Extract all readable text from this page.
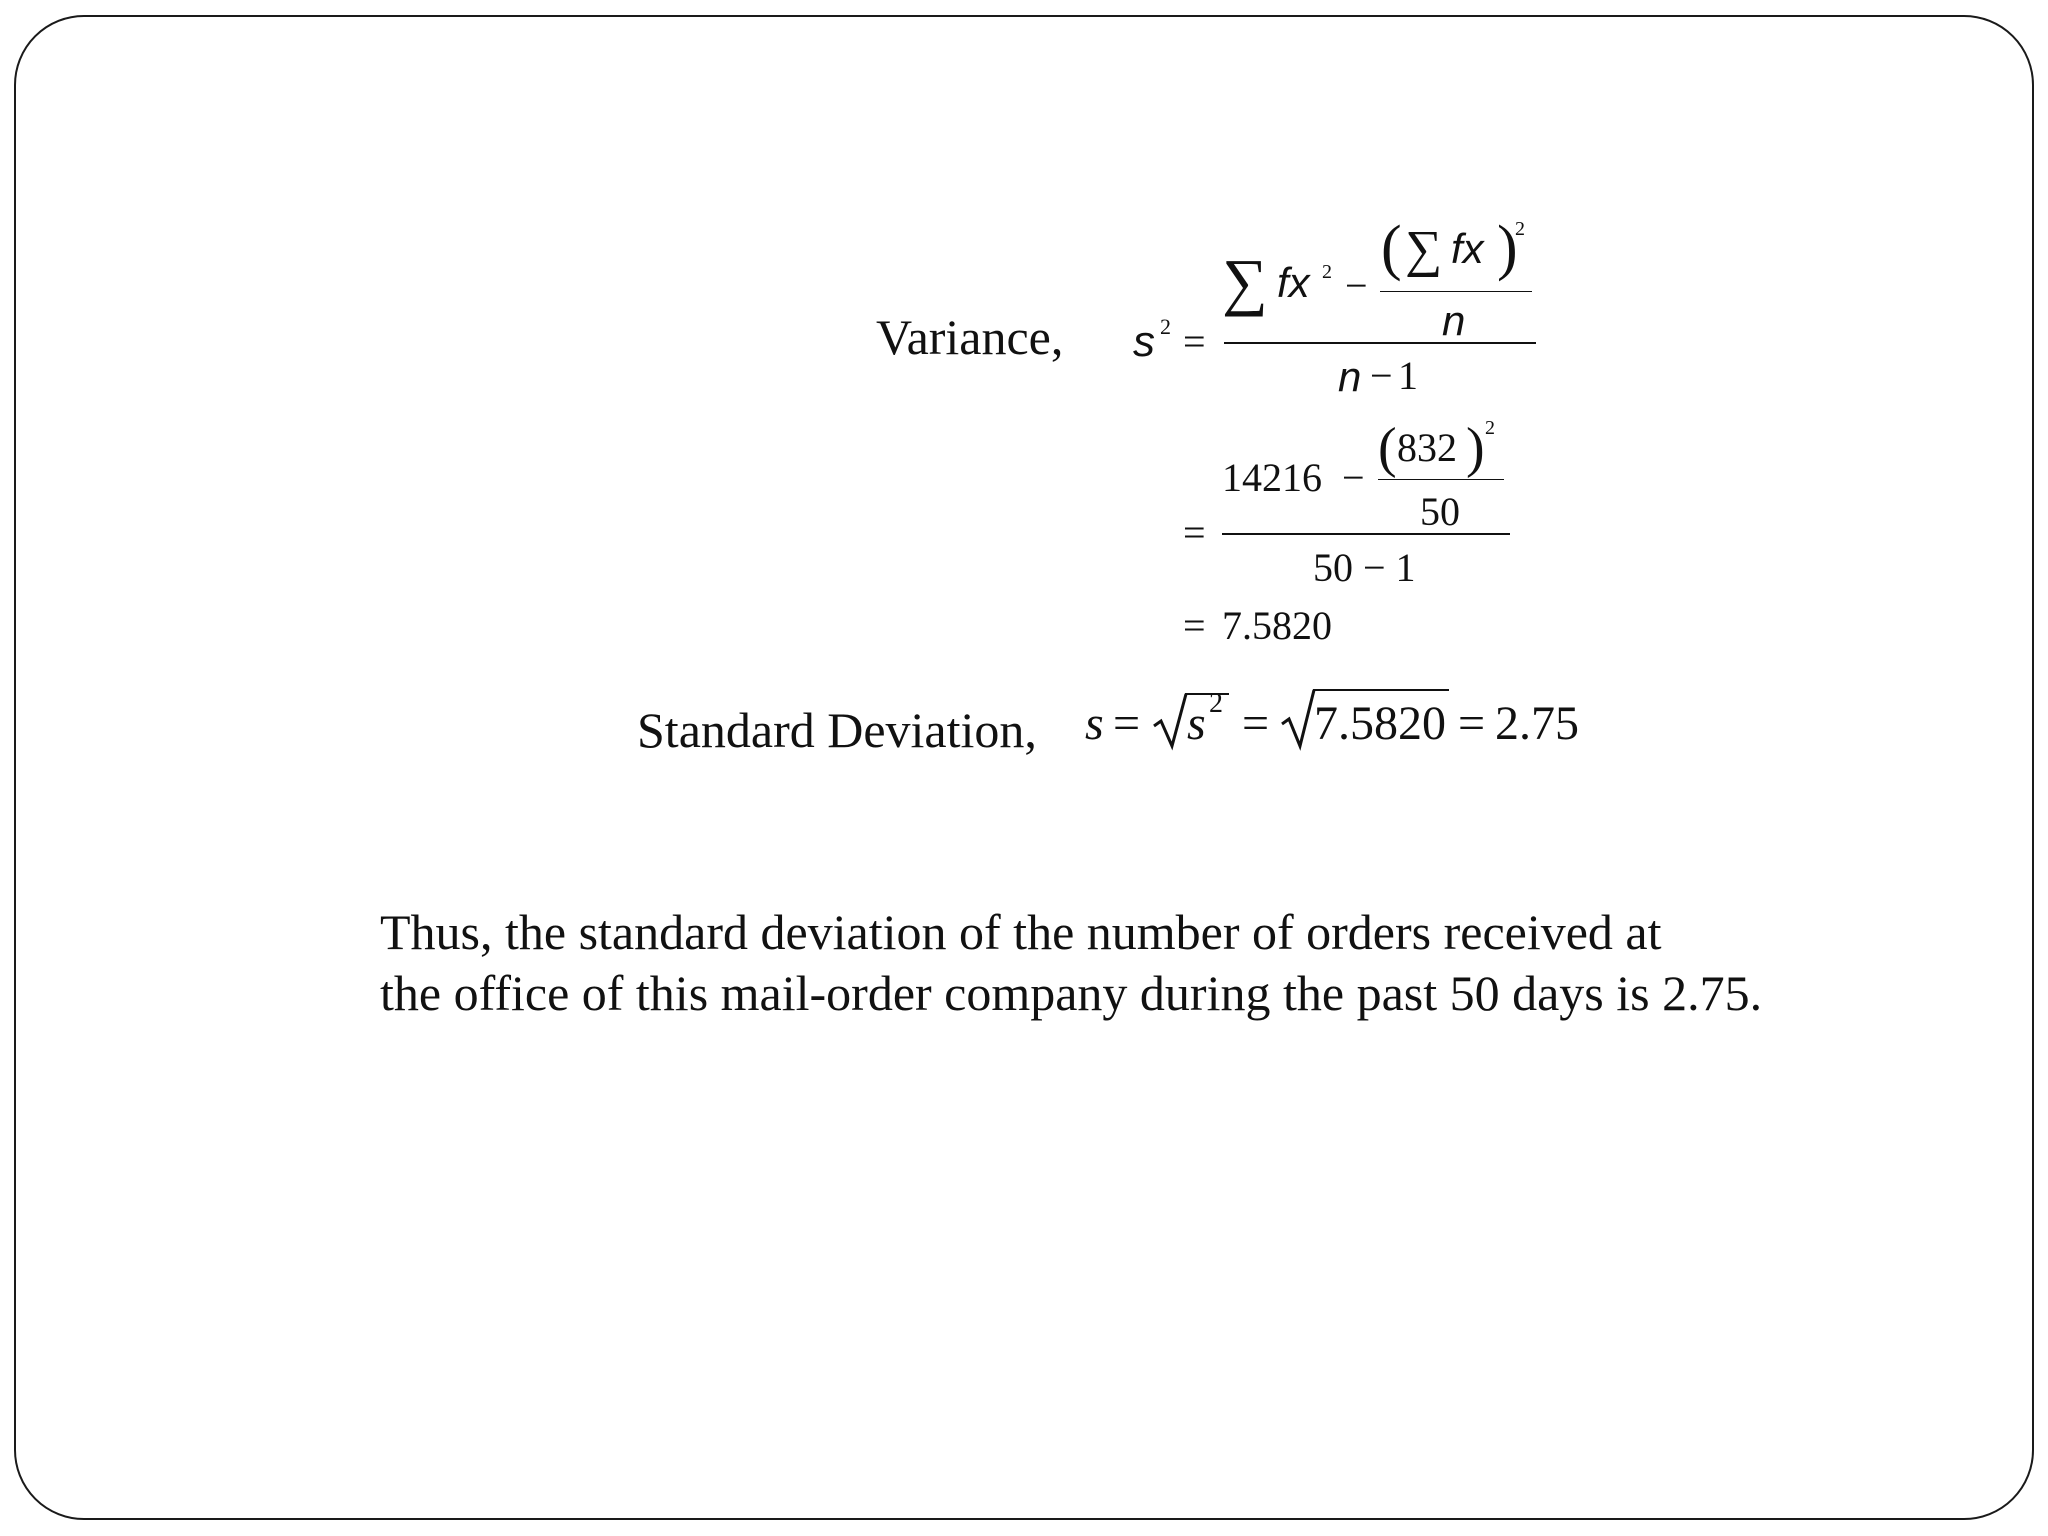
Variance, s 2 =
∑ fx 2 −
( ∑ fx )
2
n
n − 1
=
14216 − ( 832 ) 2
50
50 − 1
= 7.5820
Standard Deviation, s = s 2 = 7.5820 = 2.75
Thus, the standard deviation of the number of orders received at
the office of this mail-order company during the past 50 days is 2.75.
